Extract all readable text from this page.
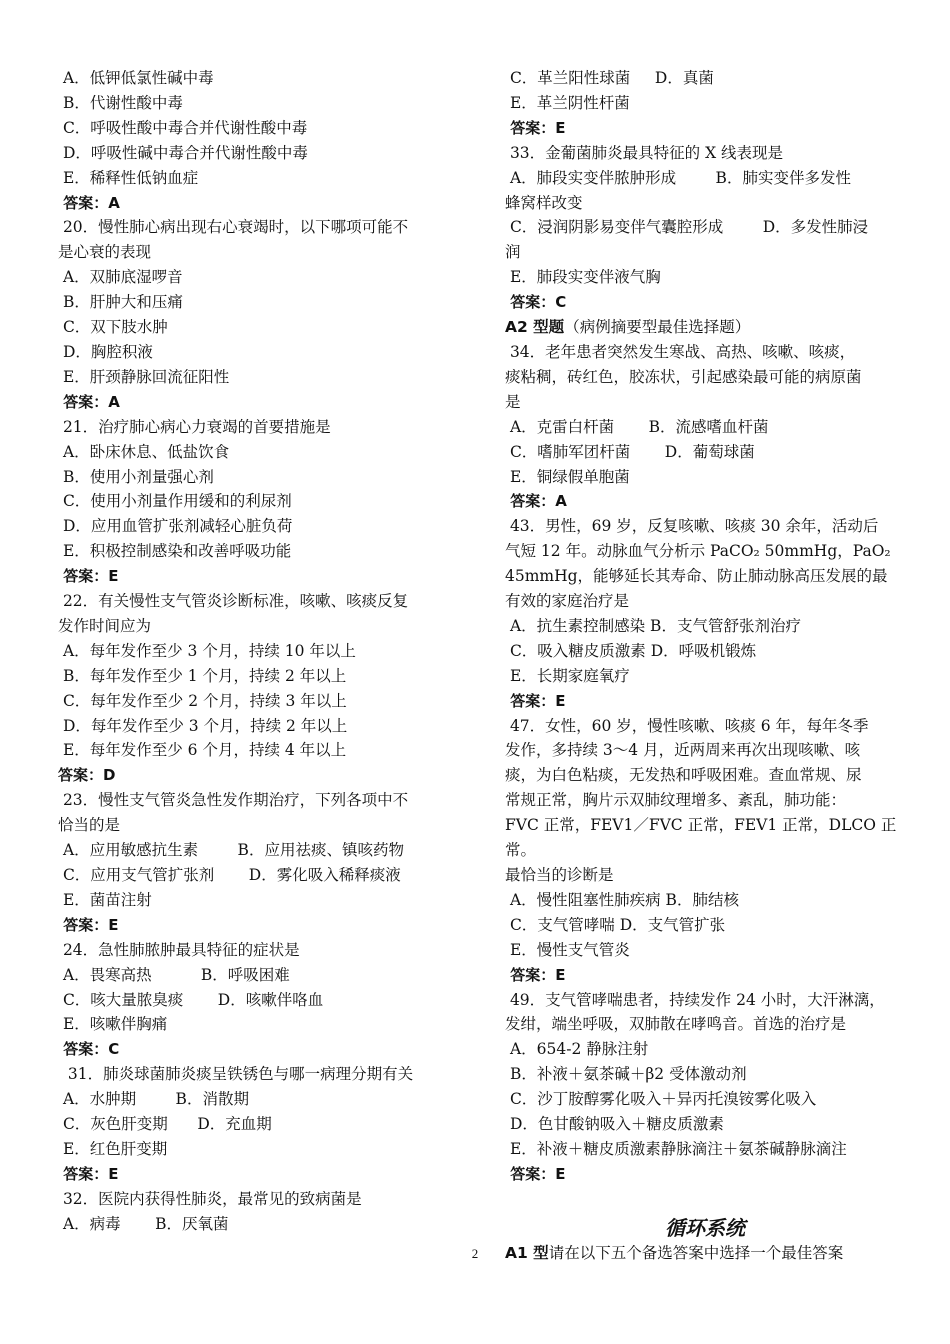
A．低钾低氯性碱中毒
B．代谢性酸中毒
C．呼吸性酸中毒合并代谢性酸中毒
D．呼吸性碱中毒合并代谢性酸中毒
E．稀释性低钠血症
答案：A
20．慢性肺心病出现右心衰竭时，以下哪项可能不
是心衰的表现
A．双肺底湿啰音
B．肝肿大和压痛
C．双下肢水肿
D．胸腔积液
E．肝颈静脉回流征阳性
答案：A
21．治疗肺心病心力衰竭的首要措施是
A．卧床休息、低盐饮食
B．使用小剂量强心剂
C．使用小剂量作用缓和的利尿剂
D．应用血管扩张剂减轻心脏负荷
E．积极控制感染和改善呼吸功能
答案：E
22．有关慢性支气管炎诊断标准，咳嗽、咳痰反复
发作时间应为
A．每年发作至少 3 个月，持续 10 年以上
B．每年发作至少 1 个月，持续 2 年以上
C．每年发作至少 2 个月，持续 3 年以上
D．每年发作至少 3 个月，持续 2 年以上
E．每年发作至少 6 个月，持续 4 年以上
答案：D
23．慢性支气管炎急性发作期治疗，下列各项中不
恰当的是
A．应用敏感抗生素        B．应用祛痰、镇咳药物
C．应用支气管扩张剂       D．雾化吸入稀释痰液
E．菌苗注射
答案：E
24．急性肺脓肿最具特征的症状是
A．畏寒高热          B．呼吸困难
C．咳大量脓臭痰       D．咳嗽伴咯血
E．咳嗽伴胸痛
答案：C
31．肺炎球菌肺炎痰呈铁锈色与哪一病理分期有关
A．水肿期        B．消散期
C．灰色肝变期      D．充血期
E．红色肝变期
答案：E
32．医院内获得性肺炎，最常见的致病菌是
A．病毒       B．厌氧菌
C．革兰阳性球菌     D．真菌
E．革兰阴性杆菌
答案：E
33．金葡菌肺炎最具特征的 X 线表现是
A．肺段实变伴脓肿形成        B．肺实变伴多发性
蜂窝样改变
C．浸润阴影易变伴气囊腔形成        D．多发性肺浸
润
E．肺段实变伴液气胸
答案：C
A2 型题（病例摘要型最佳选择题）
34．老年患者突然发生寒战、高热、咳嗽、咳痰，
痰粘稠，砖红色，胶冻状，引起感染最可能的病原菌
是
A．克雷白杆菌       B．流感嗜血杆菌
C．嗜肺军团杆菌       D．葡萄球菌
E．铜绿假单胞菌
答案：A
43．男性，69 岁，反复咳嗽、咳痰 30 余年，活动后
气短 12 年。动脉血气分析示 PaCO₂ 50mmHg，PaO₂
45mmHg，能够延长其寿命、防止肺动脉高压发展的最
有效的家庭治疗是
A．抗生素控制感染 B．支气管舒张剂治疗
C．吸入糖皮质激素 D．呼吸机锻炼
E．长期家庭氧疗
答案：E
47．女性，60 岁，慢性咳嗽、咳痰 6 年，每年冬季
发作，多持续 3～4 月，近两周来再次出现咳嗽、咳
痰，为白色粘痰，无发热和呼吸困难。查血常规、尿
常规正常，胸片示双肺纹理增多、紊乱，肺功能：
FVC 正常，FEV1／FVC 正常，FEV1 正常，DLCO 正常。
最恰当的诊断是
A．慢性阻塞性肺疾病 B．肺结核
C．支气管哮喘 D．支气管扩张
E．慢性支气管炎
答案：E
49．支气管哮喘患者，持续发作 24 小时，大汗淋漓，
发绀，端坐呼吸，双肺散在哮鸣音。首选的治疗是
A．654-2 静脉注射
B．补液＋氨茶碱＋β2 受体激动剂
C．沙丁胺醇雾化吸入＋异丙托溴铵雾化吸入
D．色甘酸钠吸入＋糖皮质激素
E．补液＋糖皮质激素静脉滴注＋氨茶碱静脉滴注
答案：E
循环系统
A1 型请在以下五个备选答案中选择一个最佳答案
2
